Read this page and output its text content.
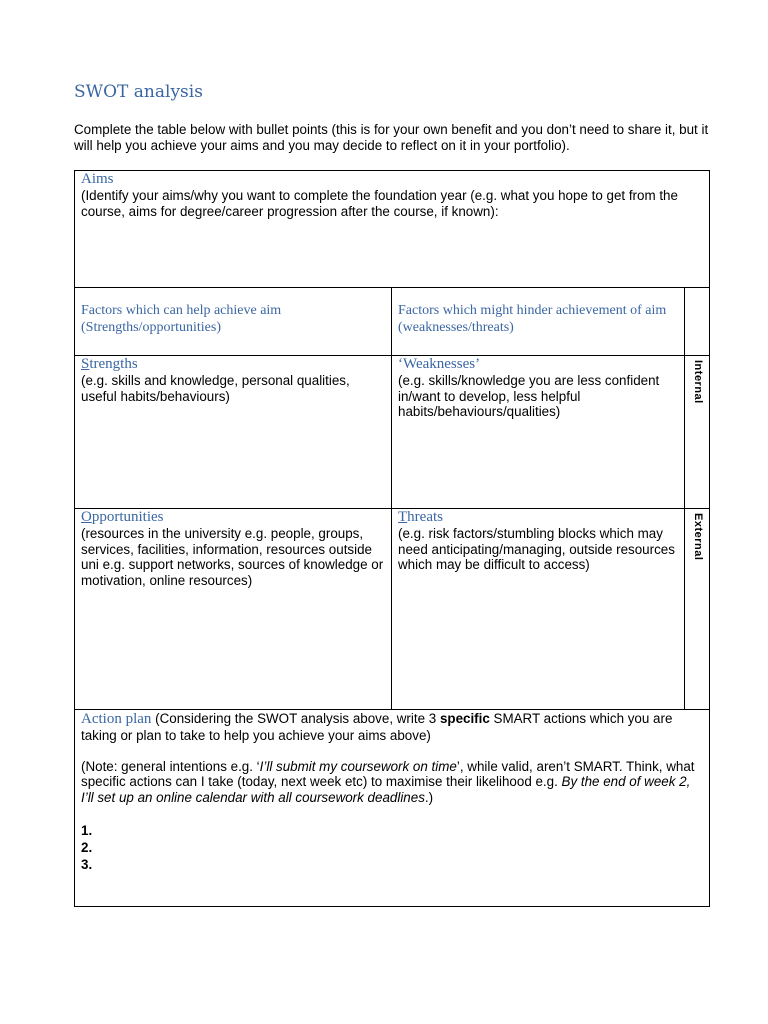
SWOT analysis
Complete the table below with bullet points (this is for your own benefit and you don’t need to share it, but it will help you achieve your aims and you may decide to reflect on it in your portfolio).
Aims
(Identify your aims/why you want to complete the foundation year (e.g. what you hope to get from the course, aims for degree/career progression after the course, if known):
Factors which can help achieve aim (Strengths/opportunities)
Factors which might hinder achievement of aim (weaknesses/threats)
Strengths
(e.g. skills and knowledge, personal qualities, useful habits/behaviours)
‘Weaknesses’
(e.g. skills/knowledge you are less confident in/want to develop, less helpful habits/behaviours/qualities)
Internal
Opportunities
(resources in the university e.g. people, groups, services, facilities, information, resources outside uni e.g. support networks, sources of knowledge or motivation, online resources)
Threats
(e.g. risk factors/stumbling blocks which may need anticipating/managing, outside resources which may be difficult to access)
External
Action plan (Considering the SWOT analysis above, write 3 specific SMART actions which you are taking or plan to take to help you achieve your aims above)
(Note: general intentions e.g. ‘I’ll submit my coursework on time’, while valid, aren’t SMART. Think, what specific actions can I take (today, next week etc) to maximise their likelihood e.g. By the end of week 2, I’ll set up an online calendar with all coursework deadlines.)
1.
2.
3.
